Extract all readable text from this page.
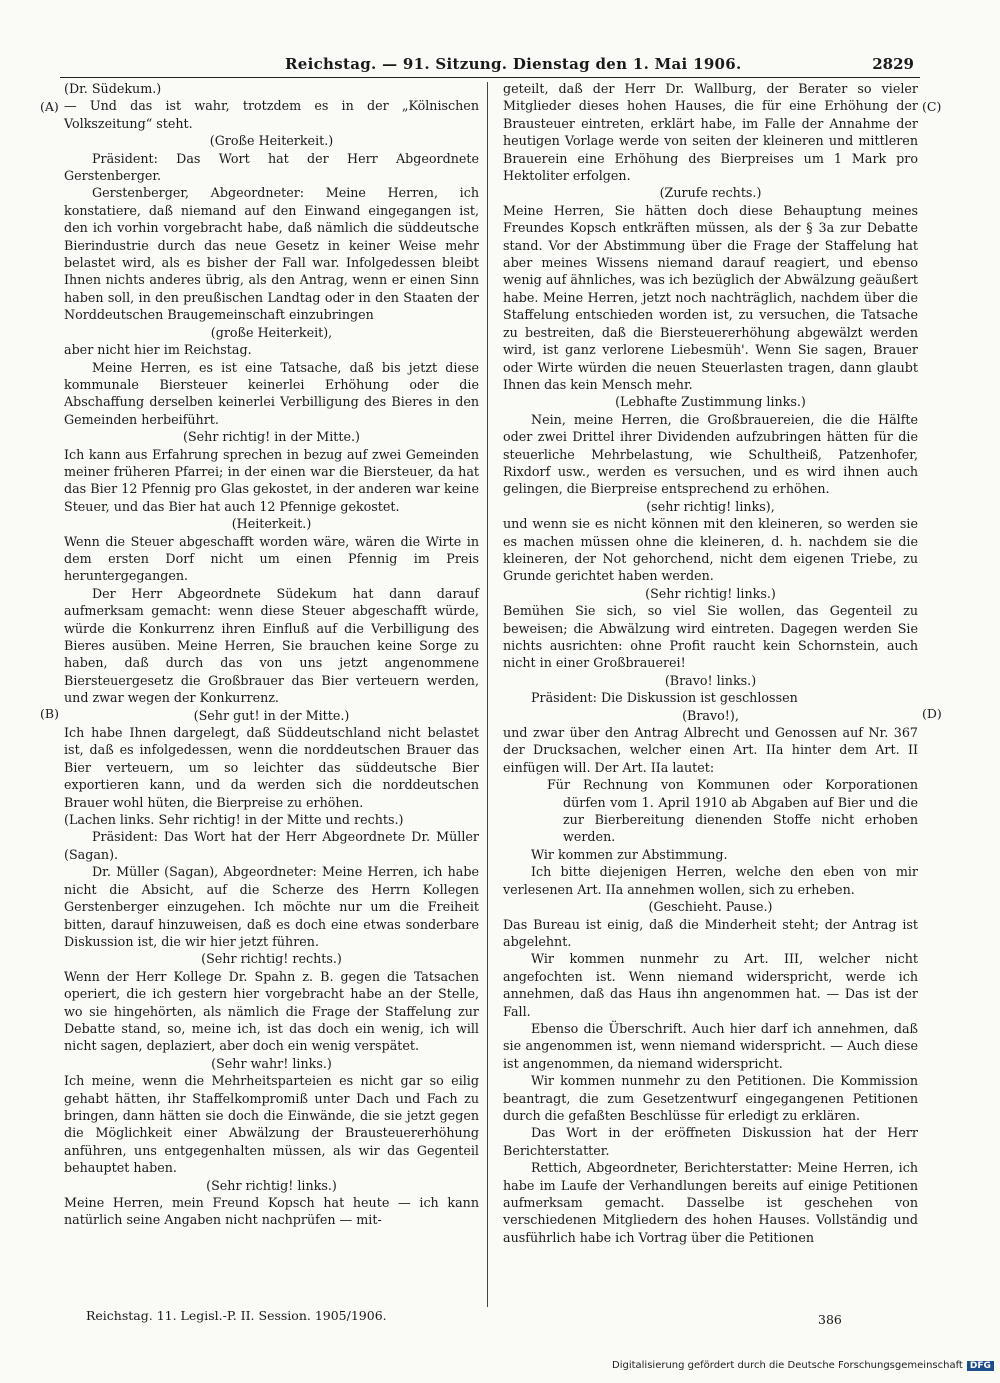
Reichstag. — 91. Sitzung. Dienstag den 1. Mai 1906.	2829
(A)
(B)
(C)
(D)

(Dr. Südekum.)

— Und das ist wahr, trotzdem es in der „Kölnischen Volkszeitung“ steht.

(Große Heiterkeit.)

Präsident: Das Wort hat der Herr Abgeordnete Gerstenberger.

Gerstenberger, Abgeordneter: Meine Herren, ich konstatiere, daß niemand auf den Einwand eingegangen ist, den ich vorhin vorgebracht habe, daß nämlich die süddeutsche Bierindustrie durch das neue Gesetz in keiner Weise mehr belastet wird, als es bisher der Fall war. Infolgedessen bleibt Ihnen nichts anderes übrig, als den Antrag, wenn er einen Sinn haben soll, in den preußischen Landtag oder in den Staaten der Norddeutschen Braugemeinschaft einzubringen

(große Heiterkeit),

aber nicht hier im Reichstag.

Meine Herren, es ist eine Tatsache, daß bis jetzt diese kommunale Biersteuer keinerlei Erhöhung oder die Abschaffung derselben keinerlei Verbilligung des Bieres in den Gemeinden herbeiführt.

(Sehr richtig! in der Mitte.)

Ich kann aus Erfahrung sprechen in bezug auf zwei Gemeinden meiner früheren Pfarrei; in der einen war die Biersteuer, da hat das Bier 12 Pfennig pro Glas gekostet, in der anderen war keine Steuer, und das Bier hat auch 12 Pfennige gekostet.

(Heiterkeit.)

Wenn die Steuer abgeschafft worden wäre, wären die Wirte in dem ersten Dorf nicht um einen Pfennig im Preis heruntergegangen.

Der Herr Abgeordnete Südekum hat dann darauf aufmerksam gemacht: wenn diese Steuer abgeschafft würde, würde die Konkurrenz ihren Einfluß auf die Verbilligung des Bieres ausüben. Meine Herren, Sie brauchen keine Sorge zu haben, daß durch das von uns jetzt angenommene Biersteuergesetz die Großbrauer das Bier verteuern werden, und zwar wegen der Konkurrenz.

(Sehr gut! in der Mitte.)

Ich habe Ihnen dargelegt, daß Süddeutschland nicht belastet ist, daß es infolgedessen, wenn die norddeutschen Brauer das Bier verteuern, um so leichter das süddeutsche Bier exportieren kann, und da werden sich die norddeutschen Brauer wohl hüten, die Bierpreise zu erhöhen.

(Lachen links. Sehr richtig! in der Mitte und rechts.)

Präsident: Das Wort hat der Herr Abgeordnete Dr. Müller (Sagan).

Dr. Müller (Sagan), Abgeordneter: Meine Herren, ich habe nicht die Absicht, auf die Scherze des Herrn Kollegen Gerstenberger einzugehen. Ich möchte nur um die Freiheit bitten, darauf hinzuweisen, daß es doch eine etwas sonderbare Diskussion ist, die wir hier jetzt führen.

(Sehr richtig! rechts.)

Wenn der Herr Kollege Dr. Spahn z. B. gegen die Tatsachen operiert, die ich gestern hier vorgebracht habe an der Stelle, wo sie hingehörten, als nämlich die Frage der Staffelung zur Debatte stand, so, meine ich, ist das doch ein wenig, ich will nicht sagen, deplaziert, aber doch ein wenig verspätet.

(Sehr wahr! links.)

Ich meine, wenn die Mehrheitsparteien es nicht gar so eilig gehabt hätten, ihr Staffelkompromiß unter Dach und Fach zu bringen, dann hätten sie doch die Einwände, die sie jetzt gegen die Möglichkeit einer Abwälzung der Brausteuererhöhung anführen, uns entgegenhalten müssen, als wir das Gegenteil behauptet haben.

(Sehr richtig! links.)

Meine Herren, mein Freund Kopsch hat heute — ich kann natürlich seine Angaben nicht nachprüfen — mit-

geteilt, daß der Herr Dr. Wallburg, der Berater so vieler Mitglieder dieses hohen Hauses, die für eine Erhöhung der Brausteuer eintreten, erklärt habe, im Falle der Annahme der heutigen Vorlage werde von seiten der kleineren und mittleren Brauerein eine Erhöhung des Bierpreises um 1 Mark pro Hektoliter erfolgen.

(Zurufe rechts.)

Meine Herren, Sie hätten doch diese Behauptung meines Freundes Kopsch entkräften müssen, als der § 3a zur Debatte stand. Vor der Abstimmung über die Frage der Staffelung hat aber meines Wissens niemand darauf reagiert, und ebenso wenig auf ähnliches, was ich bezüglich der Abwälzung geäußert habe. Meine Herren, jetzt noch nachträglich, nachdem über die Staffelung entschieden worden ist, zu versuchen, die Tatsache zu bestreiten, daß die Biersteuererhöhung abgewälzt werden wird, ist ganz verlorene Liebesmüh'. Wenn Sie sagen, Brauer oder Wirte würden die neuen Steuerlasten tragen, dann glaubt Ihnen das kein Mensch mehr.

(Lebhafte Zustimmung links.)

Nein, meine Herren, die Großbrauereien, die die Hälfte oder zwei Drittel ihrer Dividenden aufzubringen hätten für die steuerliche Mehrbelastung, wie Schultheiß, Patzenhofer, Rixdorf usw., werden es versuchen, und es wird ihnen auch gelingen, die Bierpreise entsprechend zu erhöhen.

(sehr richtig! links),

und wenn sie es nicht können mit den kleineren, so werden sie es machen müssen ohne die kleineren, d. h. nachdem sie die kleineren, der Not gehorchend, nicht dem eigenen Triebe, zu Grunde gerichtet haben werden.

(Sehr richtig! links.)

Bemühen Sie sich, so viel Sie wollen, das Gegenteil zu beweisen; die Abwälzung wird eintreten. Dagegen werden Sie nichts ausrichten: ohne Profit raucht kein Schornstein, auch nicht in einer Großbrauerei!

(Bravo! links.)

Präsident: Die Diskussion ist geschlossen

(Bravo!),

und zwar über den Antrag Albrecht und Genossen auf Nr. 367 der Drucksachen, welcher einen Art. IIa hinter dem Art. II einfügen will. Der Art. IIa lautet:

Für Rechnung von Kommunen oder Korporationen dürfen vom 1. April 1910 ab Abgaben auf Bier und die zur Bierbereitung dienenden Stoffe nicht erhoben werden.

Wir kommen zur Abstimmung.

Ich bitte diejenigen Herren, welche den eben von mir verlesenen Art. IIa annehmen wollen, sich zu erheben.

(Geschieht. Pause.)

Das Bureau ist einig, daß die Minderheit steht; der Antrag ist abgelehnt.

Wir kommen nunmehr zu Art. III, welcher nicht angefochten ist. Wenn niemand widerspricht, werde ich annehmen, daß das Haus ihn angenommen hat. — Das ist der Fall.

Ebenso die Überschrift. Auch hier darf ich annehmen, daß sie angenommen ist, wenn niemand widerspricht. — Auch diese ist angenommen, da niemand widerspricht.

Wir kommen nunmehr zu den Petitionen. Die Kommission beantragt, die zum Gesetzentwurf eingegangenen Petitionen durch die gefaßten Beschlüsse für erledigt zu erklären.

Das Wort in der eröffneten Diskussion hat der Herr Berichterstatter.

Rettich, Abgeordneter, Berichterstatter: Meine Herren, ich habe im Laufe der Verhandlungen bereits auf einige Petitionen aufmerksam gemacht. Dasselbe ist geschehen von verschiedenen Mitgliedern des hohen Hauses. Vollständig und ausführlich habe ich Vortrag über die Petitionen

Reichstag. 11. Legisl.-P. II. Session. 1905/1906.	386
Digitalisierung gefördert durch die Deutsche Forschungsgemeinschaft DFG
